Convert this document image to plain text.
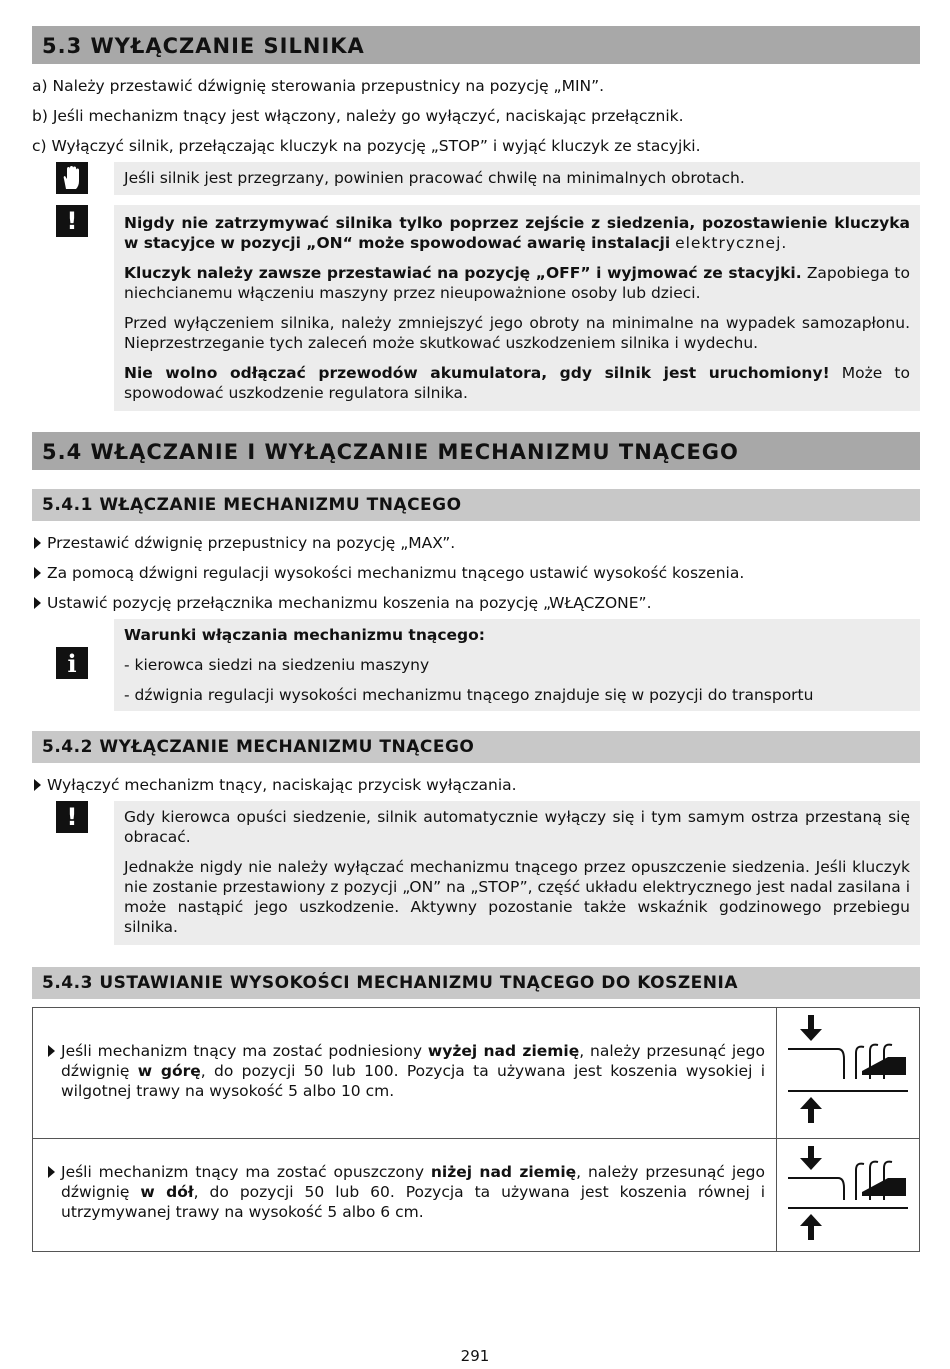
5.3 WYŁĄCZANIE SILNIKA

a) Należy przestawić dźwignię sterowania przepustnicy na pozycję „MIN”.

b) Jeśli mechanizm tnący jest włączony, należy go wyłączyć, naciskając przełącznik.

c) Wyłączyć silnik, przełączając kluczyk na pozycję „STOP” i wyjąć kluczyk ze stacyjki.

Jeśli silnik jest przegrzany, powinien pracować chwilę na minimalnych obrotach.

!	Nigdy nie zatrzymywać silnika tylko poprzez zejście z siedzenia, pozostawienie kluczyka w stacyjce w pozycji „ON“ może spowodować awarię instalacji elektrycznej.

Kluczyk należy zawsze przestawiać na pozycję „OFF” i wyjmować ze stacyjki. Zapobiega to niechcianemu włączeniu maszyny przez nieupoważnione osoby lub dzieci.

Przed wyłączeniem silnika, należy zmniejszyć jego obroty na minimalne na wypadek samozapłonu. Nieprzestrzeganie tych zaleceń może skutkować uszkodzeniem silnika i wydechu.

Nie wolno odłączać przewodów akumulatora, gdy silnik jest uruchomiony! Może to spowodować uszkodzenie regulatora silnika.

5.4 WŁĄCZANIE I WYŁĄCZANIE MECHANIZMU TNĄCEGO
5.4.1 WŁĄCZANIE MECHANIZMU TNĄCEGO
Przestawić dźwignię przepustnicy na pozycję „MAX”.
Za pomocą dźwigni regulacji wysokości mechanizmu tnącego ustawić wysokość koszenia.
Ustawić pozycję przełącznika mechanizmu koszenia na pozycję „WŁĄCZONE”.
i

Warunki włączania mechanizmu tnącego:

- kierowca siedzi na siedzeniu maszyny

- dźwignia regulacji wysokości mechanizmu tnącego znajduje się w pozycji do transportu

5.4.2 WYŁĄCZANIE MECHANIZMU TNĄCEGO
Wyłączyć mechanizm tnący, naciskając przycisk wyłączania.
!	Gdy kierowca opuści siedzenie, silnik automatycznie wyłączy się i tym samym ostrza przestaną się obracać.

Jednakże nigdy nie należy wyłączać mechanizmu tnącego przez opuszczenie siedzenia. Jeśli kluczyk nie zostanie przestawiony z pozycji „ON” na „STOP”, część układu elektrycznego jest nadal zasilana i może nastąpić jego uszkodzenie. Aktywny pozostanie także wskaźnik godzinowego przebiegu silnika.

5.4.3 USTAWIANIE WYSOKOŚCI MECHANIZMU TNĄCEGO DO KOSZENIA
Jeśli mechanizm tnący ma zostać podniesiony wyżej nad ziemię, należy przesunąć jego dźwignię w górę, do pozycji 50 lub 100. Pozycja ta używana jest koszenia wysokiej i wilgotnej trawy na wysokość 5 albo 10 cm.

Jeśli mechanizm tnący ma zostać opuszczony niżej nad ziemię, należy przesunąć jego dźwignię w dół, do pozycji 50 lub 60. Pozycja ta używana jest koszenia równej i utrzymywanej trawy na wysokość 5 albo 6 cm.

291
